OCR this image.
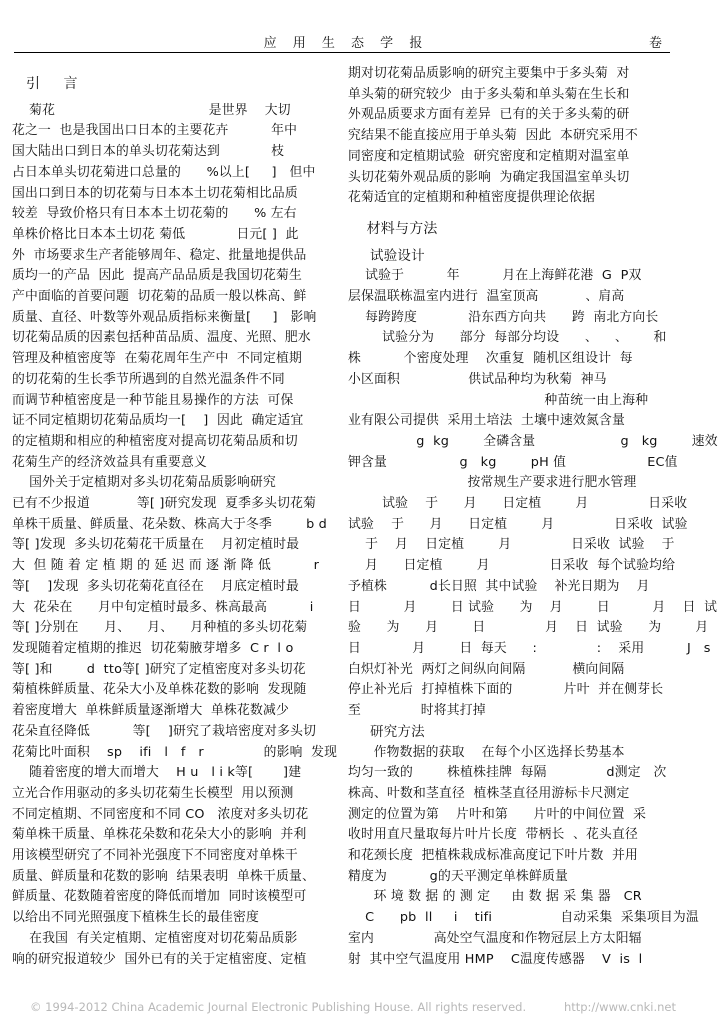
应 用 生 态 学 报	卷

引     言

菊花                                    是世界    大切

花之一  也是我国出口日本的主要花卉          年中

国大陆出口到日本的单头切花菊达到            枝

占日本单头切花菊进口总量的      %以上[     ]   但中

国出口到日本的切花菊与日本本土切花菊相比品质

较差  导致价格只有日本本土切花菊的      % 左右

单株价格比日本本土切花 菊低            日元[ ]  此

外  市场要求生产者能够周年、稳定、批量地提供品

质均一的产品  因此  提高产品品质是我国切花菊生

产中面临的首要问题  切花菊的品质一般以株高、鲜

质量、直径、叶数等外观品质指标来衡量[     ]   影响

切花菊品质的因素包括种苗品质、温度、光照、肥水

管理及种植密度等  在菊花周年生产中  不同定植期

的切花菊的生长季节所遇到的自然光温条件不同

而调节种植密度是一种节能且易操作的方法  可保

证不同定植期切花菊品质均一[    ]  因此  确定适宜

的定植期和相应的种植密度对提高切花菊品质和切

花菊生产的经济效益具有重要意义

国外关于定植期对多头切花菊品质影响研究

已有不少报道           等[ ]研究发现  夏季多头切花菊

单株干质量、鲜质量、花朵数、株高大于冬季        b d

等[ ]发现  多头切花菊花干质量在    月初定植时最

大  但 随 着 定 植 期 的 延 迟 而 逐 渐 降 低          r

等[    ]发现  多头切花菊花直径在    月底定植时最

大  花朵在      月中旬定植时最多、株高最高          i

等[ ]分别在      月、    月、    月种植的多头切花菊

发现随着定植期的推迟  切花菊腋芽增多  C r  l o

等[ ]和        d  tto等[ ]研究了定植密度对多头切花

菊植株鲜质量、花朵大小及单株花数的影响  发现随

着密度增大  单株鲜质量逐渐增大  单株花数减少

花朵直径降低          等[    ]研究了栽培密度对多头切

花菊比叶面积    sp    ifi   l   f   r              的影响  发现

随着密度的增大而增大    H u   l i k等[       ]建

立光合作用驱动的多头切花菊生长模型  用以预测

不同定植期、不同密度和不同 CO   浓度对多头切花

菊单株干质量、单株花朵数和花朵大小的影响  并利

用该模型研究了不同补光强度下不同密度对单株干

质量、鲜质量和花数的影响  结果表明  单株干质量、

鲜质量、花数随着密度的降低而增加  同时该模型可

以给出不同光照强度下植株生长的最佳密度

在我国  有关定植期、定植密度对切花菊品质影

响的研究报道较少  国外已有的关于定植密度、定植

期对切花菊品质影响的研究主要集中于多头菊  对

单头菊的研究较少  由于多头菊和单头菊在生长和

外观品质要求方面有差异  已有的关于多头菊的研

究结果不能直接应用于单头菊  因此  本研究采用不

同密度和定植期试验  研究密度和定植期对温室单

头切花菊外观品质的影响  为确定我国温室单头切

花菊适宜的定植期和种植密度提供理论依据

材料与方法

试验设计

试验于          年          月在上海鲜花港  G  P双

层保温联栋温室内进行  温室顶高           、肩高

每跨跨度            沿东西方向共      跨  南北方向长

试验分为      部分  每部分均设      、    、      和

株          个密度处理    次重复  随机区组设计  每

小区面积                供试品种均为秋菊  神马

种苗统一由上海种

业有限公司提供  采用土培法  土壤中速效氮含量

g  kg        全磷含量                    g   kg        速效

钾含量                 g   kg        pH 值                   EC值

按常规生产要求进行肥水管理

试验    于      月      日定植        月              日采收

试验    于      月      日定植        月              日采收  试验

于    月    日定植        月              日采收  试验    于

月      日定植        月              日采收  每个试验均给

予植株          d长日照  其中试验    补光日期为    月

日          月        日 试验      为    月        日          月    日  试

验      为      月        日              月    日  试验      为        月

日            月        日  每天      :              :    采用          J   s

白炽灯补光  两灯之间纵向间隔           横向间隔

停止补光后  打掉植株下面的            片叶  并在侧芽长

至              时将其打掉

研究方法

作物数据的获取    在每个小区选择长势基本

均匀一致的        株植株挂牌  每隔              d测定   次

株高、叶数和茎直径  植株茎直径用游标卡尺测定

测定的位置为第    片叶和第      片叶的中间位置  采

收时用直尺量取每片叶片长度  带柄长  、花头直径

和花颈长度  把植株栽成标准高度记下叶片数  并用

精度为          g的天平测定单株鲜质量

环 境 数 据 的 测 定     由 数 据 采 集 器   CR

C      pb  ll     i    tifi                自动采集  采集项目为温

室内              高处空气温度和作物冠层上方太阳辐

射  其中空气温度用 HMP    C温度传感器    V  is  l

© 1994-2012 China Academic Journal Electronic Publishing House. All rights reserved.

	http://www.cnki.net
